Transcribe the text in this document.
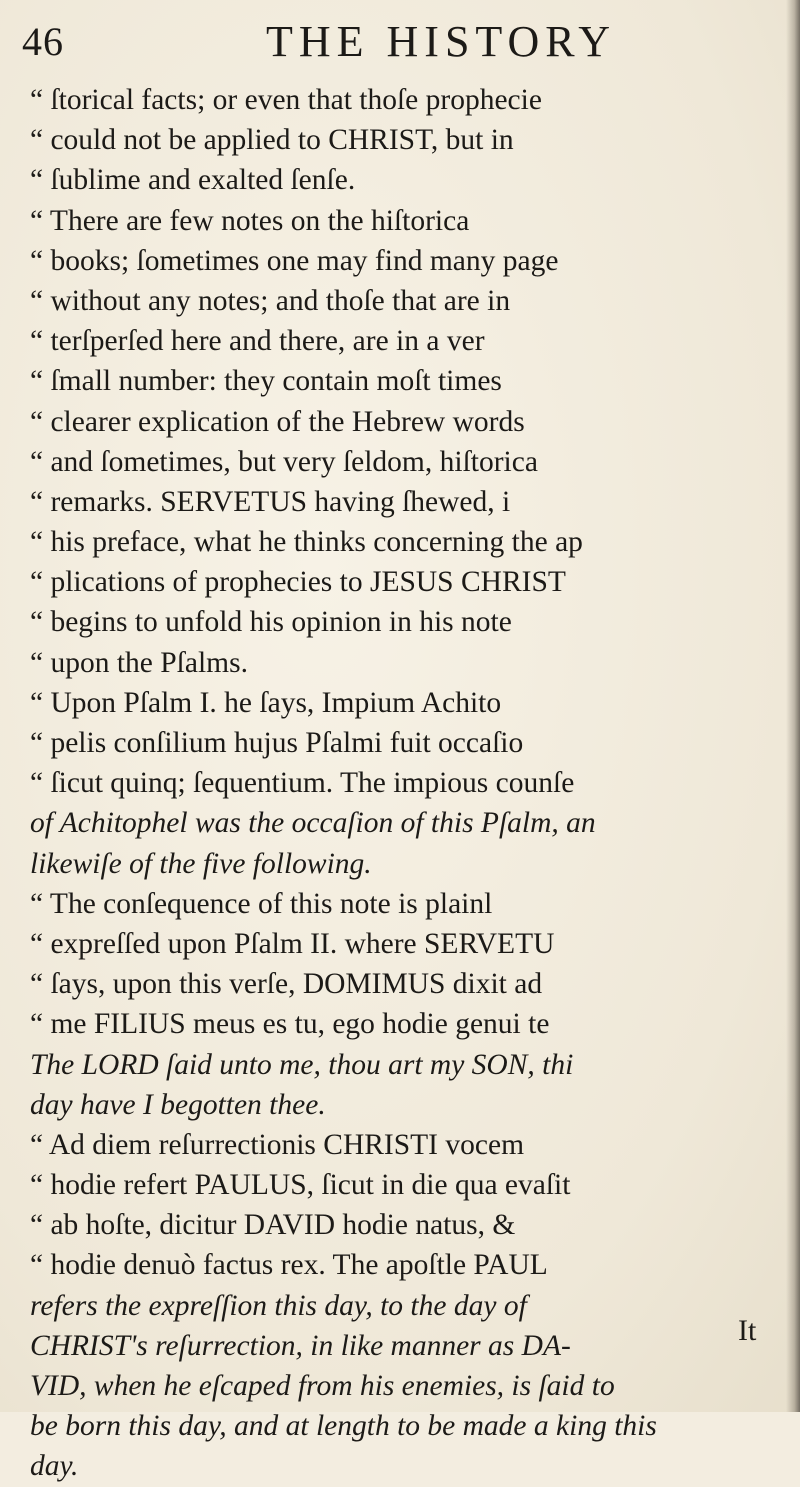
46	THE HISTORY
“ ſtorical facts; or even that thoſe prophecie
“ could not be applied to CHRIST, but in
“ ſublime and exalted ſenſe.
“ There are few notes on the hiſtorica
“ books; ſometimes one may find many page
“ without any notes; and thoſe that are in
“ terſperſed here and there, are in a ver
“ ſmall number: they contain moſt times
“ clearer explication of the Hebrew words
“ and ſometimes, but very ſeldom, hiſtorica
“ remarks. SERVETUS having ſhewed, i
“ his preface, what he thinks concerning the ap
“ plications of prophecies to JESUS CHRIST
“ begins to unfold his opinion in his note
“ upon the Pſalms.
“ Upon Pſalm I. he ſays, Impium Achito
“ pelis conſilium hujus Pſalmi fuit occaſio
“ ſicut quinq; ſequentium. The impious counſe
of Achitophel was the occaſion of this Pſalm, an
likewiſe of the five following.
“ The conſequence of this note is plainl
“ expreſſed upon Pſalm II. where SERVETU
“ ſays, upon this verſe, DOMIMUS dixit ad
“ me FILIUS meus es tu, ego hodie genui te
The LORD ſaid unto me, thou art my SON, thi
day have I begotten thee.
“ Ad diem reſurrectionis CHRISTI vocem
“ hodie refert PAULUS, ſicut in die qua evaſit
“ ab hoſte, dicitur DAVID hodie natus, &
“ hodie denuò factus rex. The apoſtle PAUL
refers the expreſſion this day, to the day of
CHRIST's reſurrection, in like manner as DA-
VID, when he eſcaped from his enemies, is ſaid to
be born this day, and at length to be made a king this
day.
It
